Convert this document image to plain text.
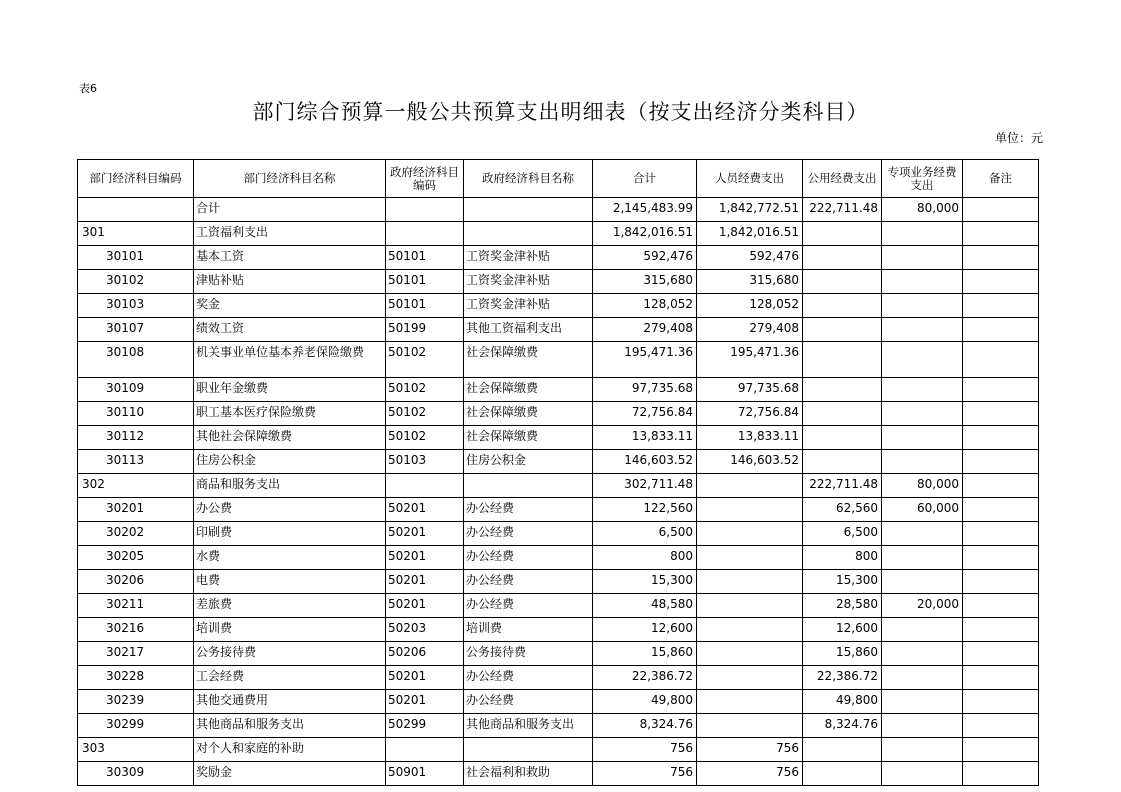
表6
部门综合预算一般公共预算支出明细表（按支出经济分类科目）
单位：元
部门经济科目编码	部门经济科目名称	政府经济科目编码	政府经济科目名称	合计	人员经费支出	公用经费支出	专项业务经费支出	备注
	合计			2,145,483.99	1,842,772.51	222,711.48	80,000	
301	工资福利支出			1,842,016.51	1,842,016.51			
30101	基本工资	50101	工资奖金津补贴	592,476	592,476			
30102	津贴补贴	50101	工资奖金津补贴	315,680	315,680			
30103	奖金	50101	工资奖金津补贴	128,052	128,052			
30107	绩效工资	50199	其他工资福利支出	279,408	279,408			
30108	机关事业单位基本养老保险缴费	50102	社会保障缴费	195,471.36	195,471.36			
30109	职业年金缴费	50102	社会保障缴费	97,735.68	97,735.68			
30110	职工基本医疗保险缴费	50102	社会保障缴费	72,756.84	72,756.84			
30112	其他社会保障缴费	50102	社会保障缴费	13,833.11	13,833.11			
30113	住房公积金	50103	住房公积金	146,603.52	146,603.52			
302	商品和服务支出			302,711.48		222,711.48	80,000	
30201	办公费	50201	办公经费	122,560		62,560	60,000	
30202	印刷费	50201	办公经费	6,500		6,500		
30205	水费	50201	办公经费	800		800		
30206	电费	50201	办公经费	15,300		15,300		
30211	差旅费	50201	办公经费	48,580		28,580	20,000	
30216	培训费	50203	培训费	12,600		12,600		
30217	公务接待费	50206	公务接待费	15,860		15,860		
30228	工会经费	50201	办公经费	22,386.72		22,386.72		
30239	其他交通费用	50201	办公经费	49,800		49,800		
30299	其他商品和服务支出	50299	其他商品和服务支出	8,324.76		8,324.76		
303	对个人和家庭的补助			756	756			
30309	奖励金	50901	社会福利和救助	756	756			
